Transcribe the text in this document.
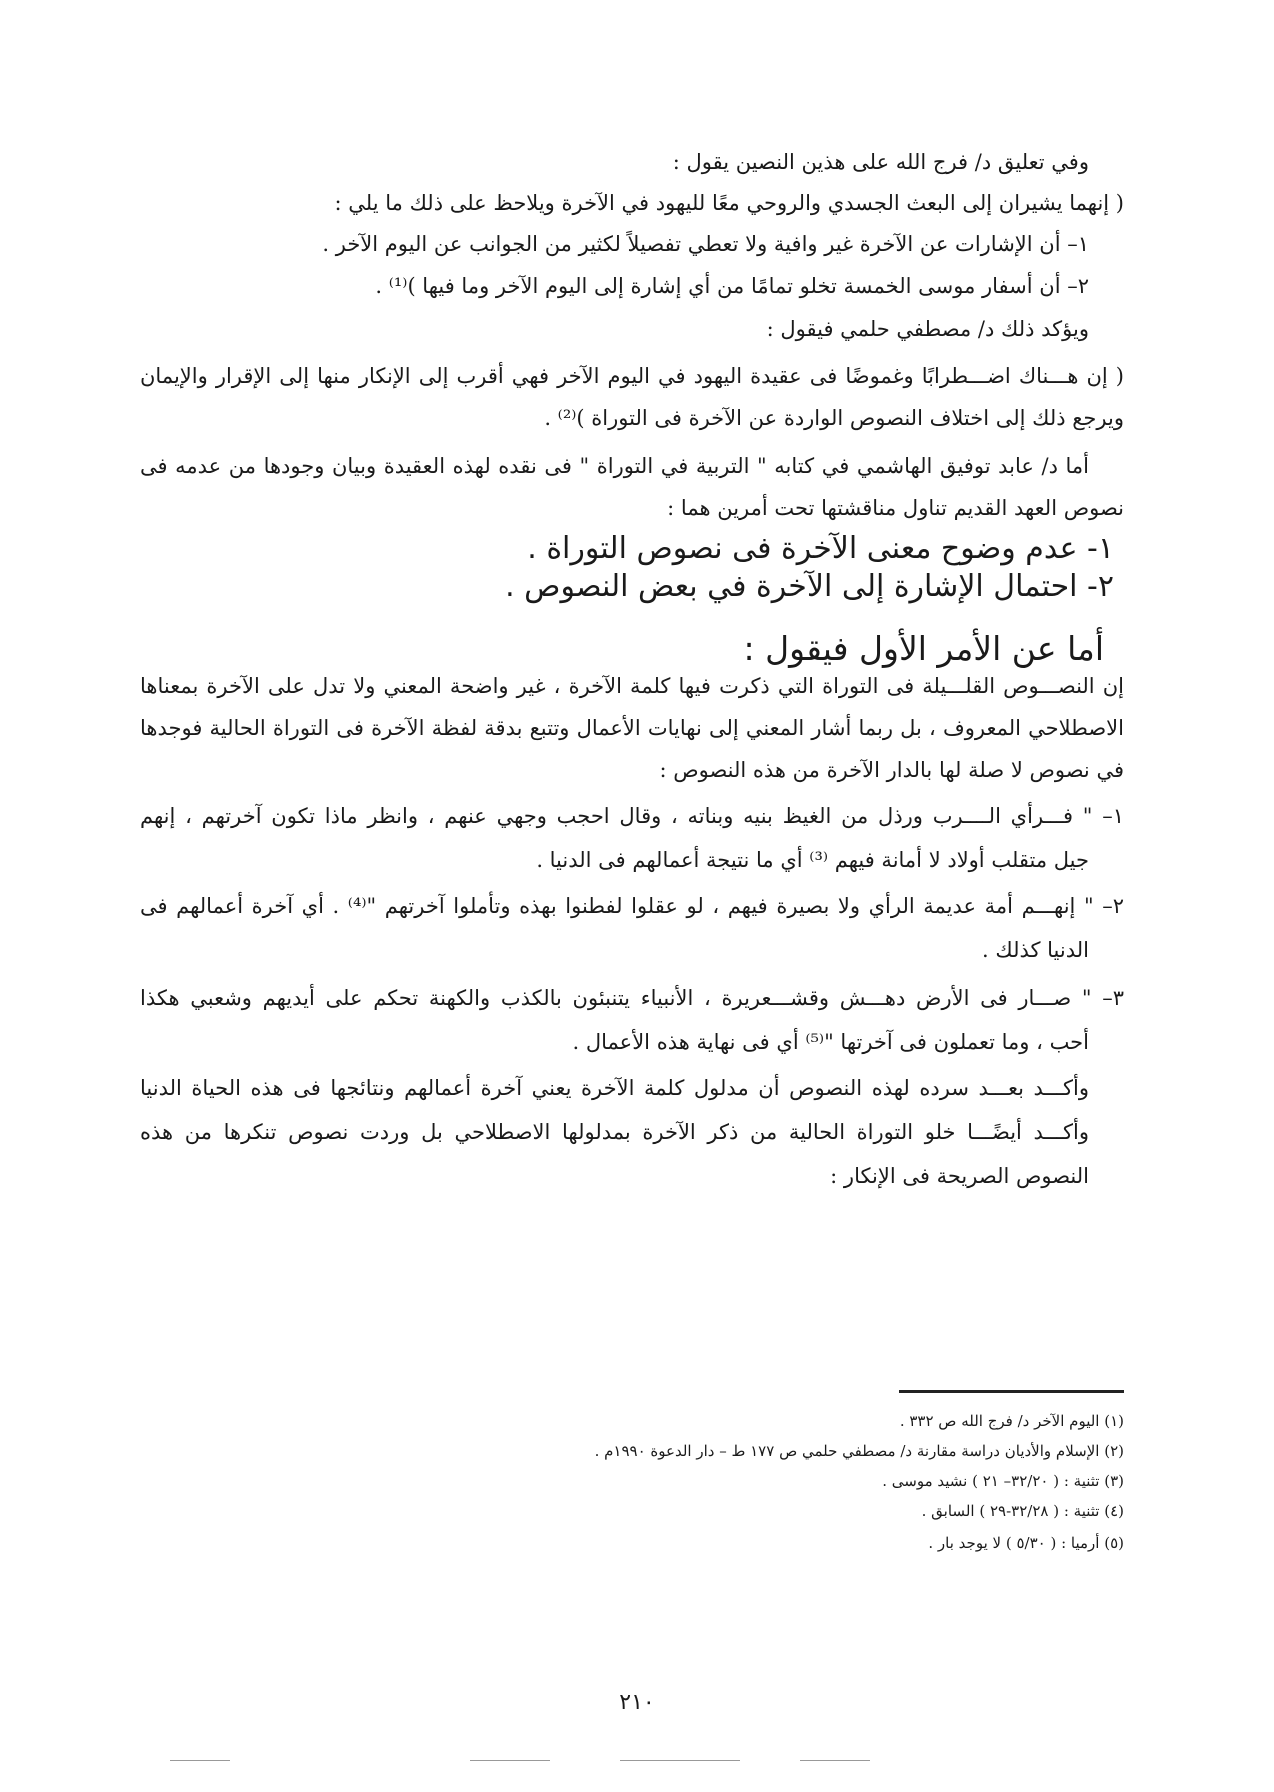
وفي تعليق د/ فرج الله على هذين النصين يقول :
( إنهما يشيران إلى البعث الجسدي والروحي معًا لليهود في الآخرة ويلاحظ على ذلك ما يلي :
١– أن الإشارات عن الآخرة غير وافية ولا تعطي تفصيلاً لكثير من الجوانب عن اليوم الآخر .
٢– أن أسفار موسى الخمسة تخلو تمامًا من أي إشارة إلى اليوم الآخر وما فيها )⁽¹⁾ .
ويؤكد ذلك د/ مصطفي حلمي فيقول :
( إن هـــناك اضـــطرابًا وغموضًا فى عقيدة اليهود في اليوم الآخر فهي أقرب إلى الإنكار منها إلى الإقرار والإيمان
ويرجع ذلك إلى اختلاف النصوص الواردة عن الآخرة فى التوراة )⁽²⁾ .
أما د/ عابد توفيق الهاشمي في كتابه " التربية في التوراة " فى نقده لهذه العقيدة وبيان وجودها من عدمه فى
نصوص العهد القديم تناول مناقشتها تحت أمرين هما :
١- عدم وضوح معنى الآخرة فى نصوص التوراة .
٢- احتمال الإشارة إلى الآخرة في بعض النصوص .
أما عن الأمر الأول فيقول :
إن النصـــوص القلـــيلة فى التوراة التي ذكرت فيها كلمة الآخرة ، غير واضحة المعني ولا تدل على الآخرة بمعناها
الاصطلاحي المعروف ، بل ربما أشار المعني إلى نهايات الأعمال وتتبع بدقة لفظة الآخرة فى التوراة الحالية فوجدها
في نصوص لا صلة لها بالدار الآخرة من هذه النصوص :
١– " فـــرأي الــــرب ورذل من الغيظ بنيه وبناته ، وقال احجب وجهي عنهم ، وانظر ماذا تكون آخرتهم ، إنهم
جيل متقلب أولاد لا أمانة فيهم ⁽³⁾ أي ما نتيجة أعمالهم فى الدنيا .
٢– " إنهـــم أمة عديمة الرأي ولا بصيرة فيهم ، لو عقلوا لفطنوا بهذه وتأملوا آخرتهم "⁽⁴⁾ . أي آخرة أعمالهم فى
الدنيا كذلك .
٣– " صـــار فى الأرض دهـــش وقشـــعريرة ، الأنبياء يتنبئون بالكذب والكهنة تحكم على أيديهم وشعبي هكذا
أحب ، وما تعملون فى آخرتها "⁽⁵⁾ أي فى نهاية هذه الأعمال .
وأكـــد بعـــد سرده لهذه النصوص أن مدلول كلمة الآخرة يعني آخرة أعمالهم ونتائجها فى هذه الحياة الدنيا
وأكـــد أيضًـــا خلو التوراة الحالية من ذكر الآخرة بمدلولها الاصطلاحي بل وردت نصوص تنكرها من هذه
النصوص الصريحة فى الإنكار :
(١) اليوم الآخر د/ فرج الله ص ٣٣٢ .
(٢) الإسلام والأديان دراسة مقارنة د/ مصطفي حلمي ص ١٧٧ ط – دار الدعوة ١٩٩٠م .
(٣) تثنية : ( ٣٢/٢٠– ٢١ ) نشيد موسى .
(٤) تثنية : ( ٣٢/٢٨-٢٩ ) السابق .
(٥) أرميا : ( ٥/٣٠ ) لا يوجد بار .
٢١٠
